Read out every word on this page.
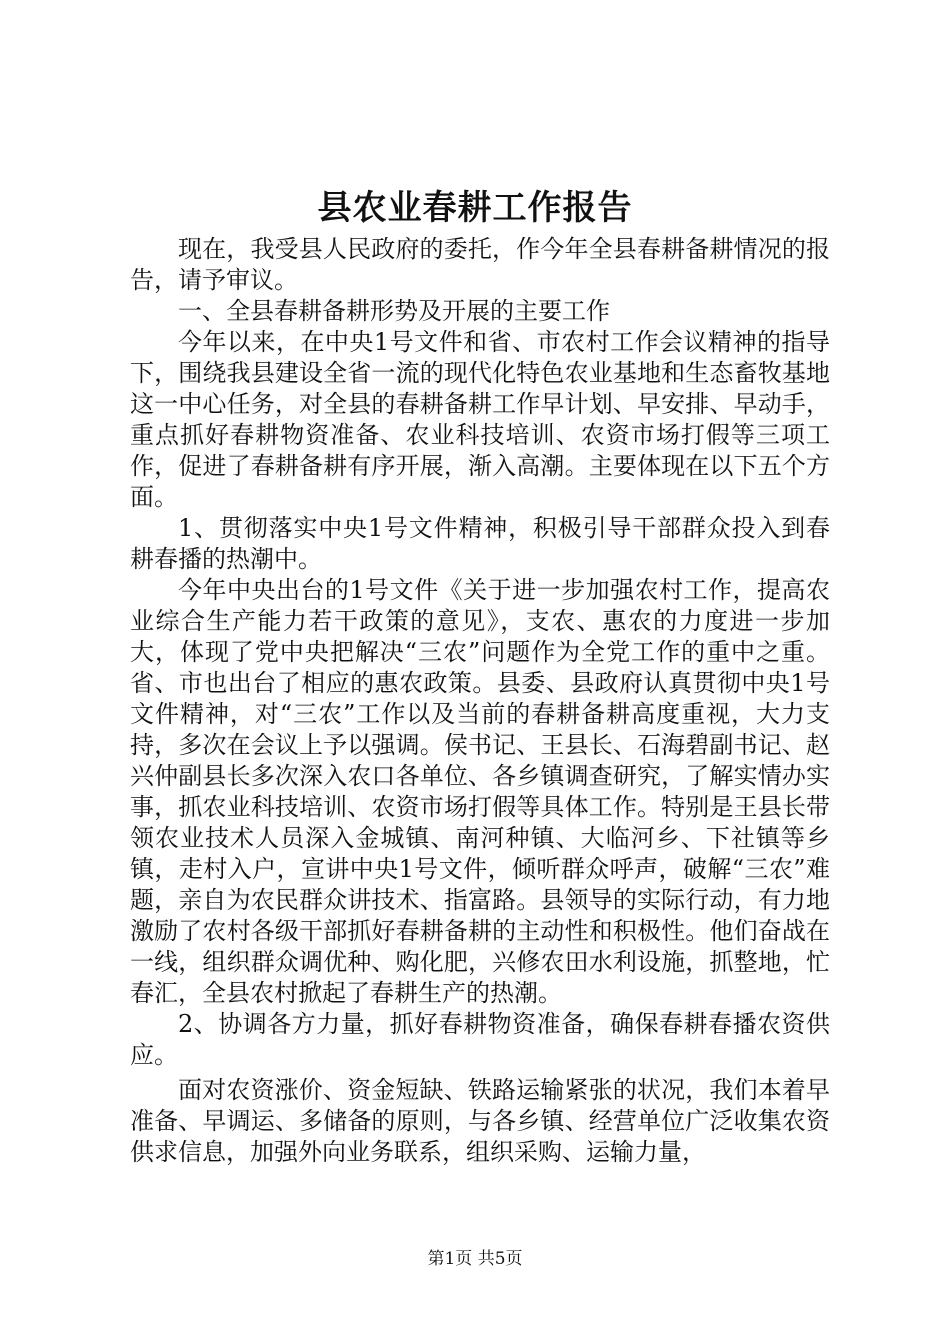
县农业春耕工作报告

现在，我受县人民政府的委托，作今年全县春耕备耕情况的报告，请予审议。

一、全县春耕备耕形势及开展的主要工作

今年以来，在中央1号文件和省、市农村工作会议精神的指导下，围绕我县建设全省一流的现代化特色农业基地和生态畜牧基地这一中心任务，对全县的春耕备耕工作早计划、早安排、早动手，重点抓好春耕物资准备、农业科技培训、农资市场打假等三项工作，促进了春耕备耕有序开展，渐入高潮。主要体现在以下五个方面。

1、贯彻落实中央1号文件精神，积极引导干部群众投入到春耕春播的热潮中。

今年中央出台的1号文件《关于进一步加强农村工作，提高农业综合生产能力若干政策的意见》，支农、惠农的力度进一步加大，体现了党中央把解决“三农”问题作为全党工作的重中之重。省、市也出台了相应的惠农政策。县委、县政府认真贯彻中央1号文件精神，对“三农”工作以及当前的春耕备耕高度重视，大力支持，多次在会议上予以强调。侯书记、王县长、石海碧副书记、赵兴仲副县长多次深入农口各单位、各乡镇调查研究，了解实情办实事，抓农业科技培训、农资市场打假等具体工作。特别是王县长带领农业技术人员深入金城镇、南河种镇、大临河乡、下社镇等乡镇，走村入户，宣讲中央1号文件，倾听群众呼声，破解“三农”难题，亲自为农民群众讲技术、指富路。县领导的实际行动，有力地激励了农村各级干部抓好春耕备耕的主动性和积极性。他们奋战在一线，组织群众调优种、购化肥，兴修农田水利设施，抓整地，忙春汇，全县农村掀起了春耕生产的热潮。

2、协调各方力量，抓好春耕物资准备，确保春耕春播农资供应。

面对农资涨价、资金短缺、铁路运输紧张的状况，我们本着早准备、早调运、多储备的原则，与各乡镇、经营单位广泛收集农资供求信息，加强外向业务联系，组织采购、运输力量，

第1页 共5页
